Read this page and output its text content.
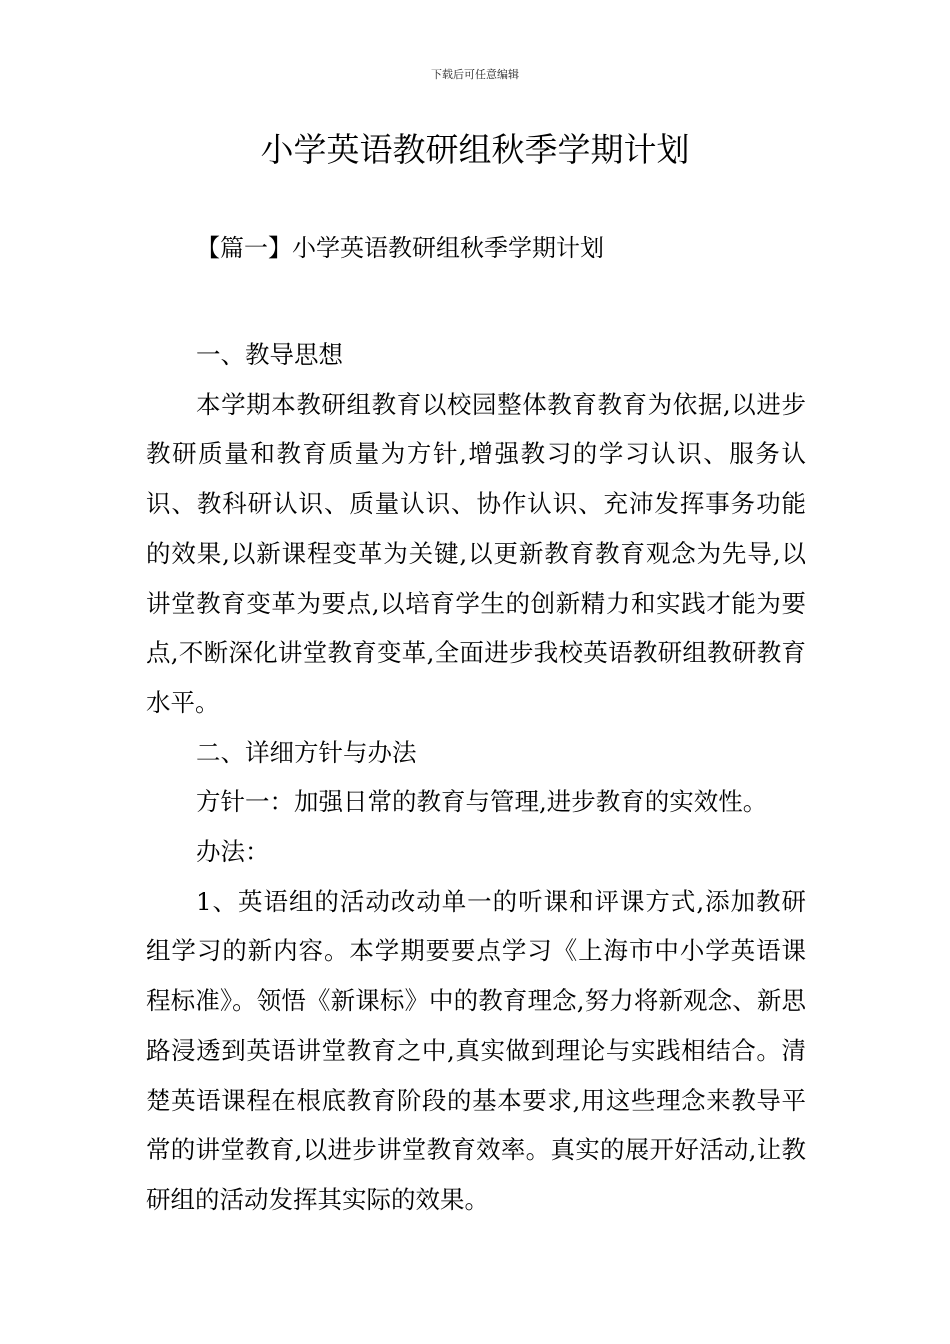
下载后可任意编辑
小学英语教研组秋季学期计划
【篇一】小学英语教研组秋季学期计划

一、教导思想

本学期本教研组教育以校园整体教育教育为依据,以进步教研质量和教育质量为方针,增强教习的学习认识、服务认识、教科研认识、质量认识、协作认识、充沛发挥事务功能的效果,以新课程变革为关键,以更新教育教育观念为先导,以讲堂教育变革为要点,以培育学生的创新精力和实践才能为要点,不断深化讲堂教育变革,全面进步我校英语教研组教研教育水平。

二、详细方针与办法

方针一：加强日常的教育与管理,进步教育的实效性。

办法：

1、英语组的活动改动单一的听课和评课方式,添加教研组学习的新内容。本学期要要点学习《上海市中小学英语课程标准》。领悟《新课标》中的教育理念,努力将新观念、新思路浸透到英语讲堂教育之中,真实做到理论与实践相结合。清楚英语课程在根底教育阶段的基本要求,用这些理念来教导平常的讲堂教育,以进步讲堂教育效率。真实的展开好活动,让教研组的活动发挥其实际的效果。
